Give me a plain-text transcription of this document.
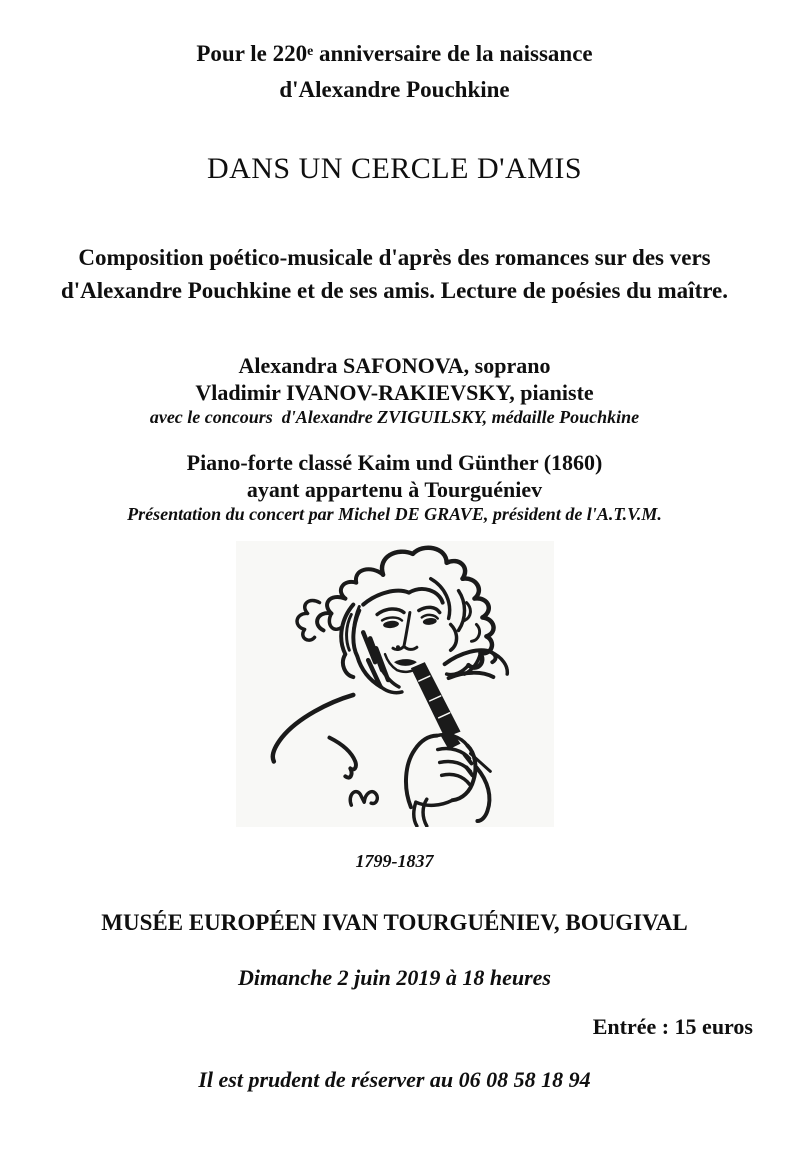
Pour le 220e anniversaire de la naissance
d'Alexandre Pouchkine
DANS UN CERCLE D'AMIS
Composition poético-musicale d'après des romances sur des vers
d'Alexandre Pouchkine et de ses amis. Lecture de poésies du maître.
Alexandra SAFONOVA, soprano
Vladimir IVANOV-RAKIEVSKY, pianiste
avec le concours  d'Alexandre ZVIGUILSKY, médaille Pouchkine
Piano-forte classé Kaim und Günther (1860)
ayant appartenu à Tourguéniev
Présentation du concert par Michel DE GRAVE, président de l'A.T.V.M.
1799-1837
MUSÉE EUROPÉEN IVAN TOURGUÉNIEV, BOUGIVAL
Dimanche 2 juin 2019 à 18 heures
Entrée : 15 euros
Il est prudent de réserver au 06 08 58 18 94
